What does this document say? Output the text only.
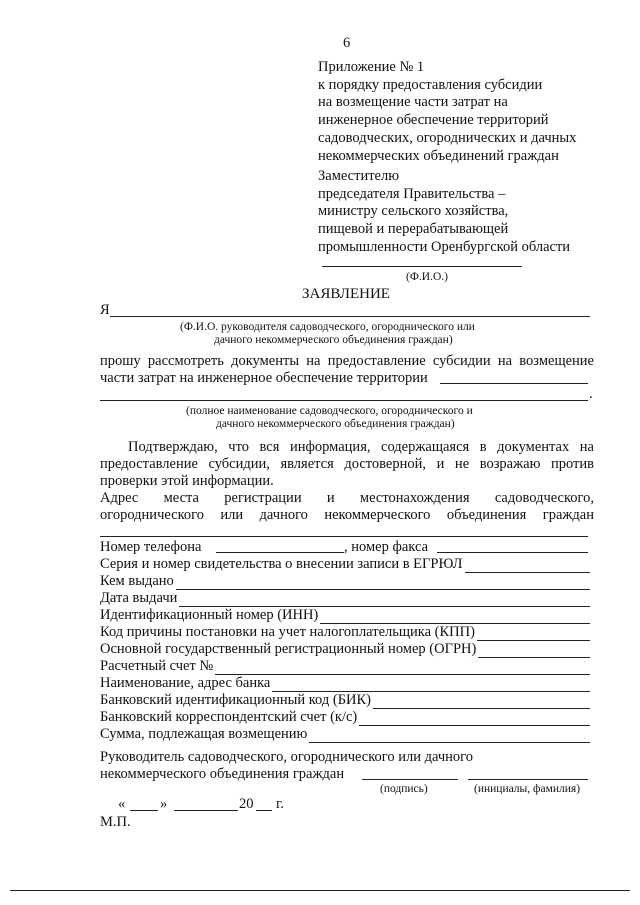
6
Приложение № 1
к порядку предоставления субсидии
на возмещение части затрат на
инженерное обеспечение территорий
садоводческих, огороднических и дачных
некоммерческих объединений граждан
Заместителю
председателя Правительства –
министру сельского хозяйства,
пищевой и перерабатывающей
промышленности Оренбургской области
(Ф.И.О.)
ЗАЯВЛЕНИЕ
Я
(Ф.И.О. руководителя садоводческого, огороднического или
дачного некоммерческого объединения граждан)
прошу рассмотреть документы на предоставление субсидии на возмещение
части затрат на инженерное обеспечение территории
.
(полное наименование садоводческого, огороднического и
дачного некоммерческого объединения граждан)
Подтверждаю, что вся информация, содержащаяся в документах на
предоставление субсидии, является достоверной, и не возражаю против
проверки этой информации.
Адрес места регистрации и местонахождения садоводческого,
огороднического или дачного некоммерческого объединения граждан
Номер телефона	, номер факса
Серия и номер свидетельства о внесении записи в ЕГРЮЛ
Кем выдано
Дата выдачи
Идентификационный номер (ИНН)
Код причины постановки на учет налогоплательщика (КПП)
Основной государственный регистрационный номер (ОГРН)
Расчетный счет №
Наименование, адрес банка
Банковский идентификационный код (БИК)
Банковский корреспондентский счет (к/с)
Сумма, подлежащая возмещению
Руководитель садоводческого, огороднического или дачного
некоммерческого объединения граждан
(подпись)	(инициалы, фамилия)
« »	20 г.
М.П.
